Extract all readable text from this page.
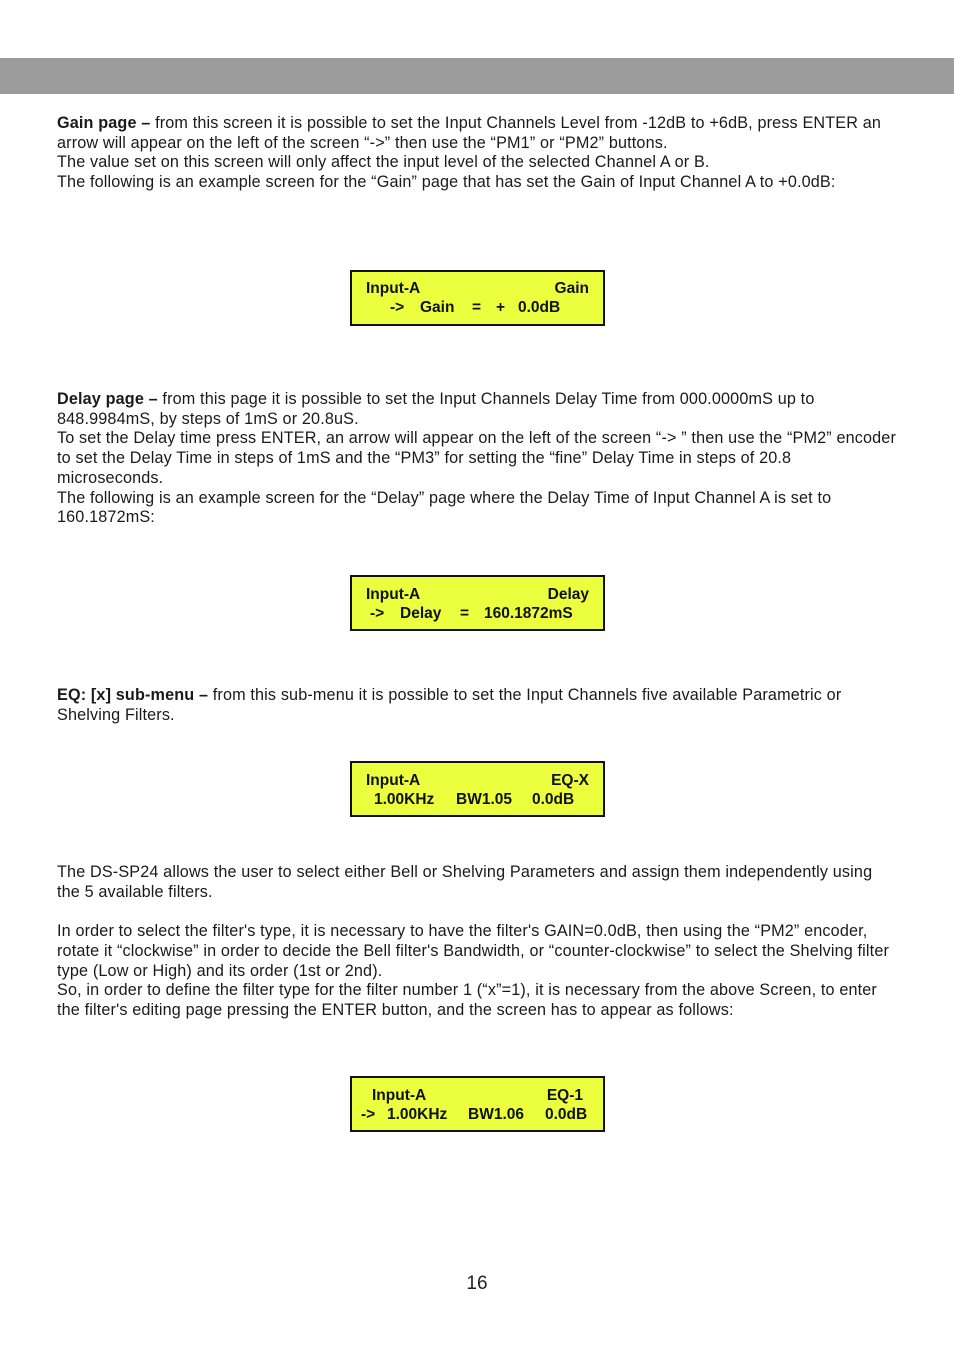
Gain page – from this screen it is possible to set the Input Channels Level from -12dB to +6dB, press ENTER an arrow will appear on the left of the screen “->” then use the “PM1” or “PM2” buttons.

The value set on this screen will only affect the input level of the selected Channel A or B.

The following is an example screen for the “Gain” page that has set the Gain of Input Channel A to +0.0dB:

Input-A	Gain
-> Gain = +   0.0dB

Delay page – from this page it is possible to set the Input Channels Delay Time from 000.0000mS up to 848.9984mS, by steps of 1mS or 20.8uS.

To set the Delay time press ENTER, an arrow will appear on the left of the screen “-> ” then use the “PM2” encoder to set the Delay Time in steps of 1mS and the “PM3” for setting the “fine” Delay Time in steps of 20.8 microseconds.

The following is an example screen for the “Delay” page where the Delay Time of Input Channel A is set to 160.1872mS:

Input-A	Delay
-> Delay = 160.1872mS

EQ: [x] sub-menu – from this sub-menu it is possible to set the Input Channels five available Parametric or Shelving Filters.

Input-A	EQ-X
1.00KHz BW1.05 0.0dB

The DS-SP24 allows the user to select either Bell or Shelving Parameters and assign them independently using the 5 available filters.

In order to select the filter's type, it is necessary to have the filter's GAIN=0.0dB, then using the “PM2” encoder, rotate it “clockwise” in order to decide the Bell filter's Bandwidth, or “counter-clockwise” to select the Shelving filter type (Low or High) and its order (1st or 2nd).

So, in order to define the filter type for the filter number 1 (“x”=1), it is necessary from the above Screen, to enter the filter's editing page pressing the ENTER button, and the screen has to appear as follows:

Input-A	EQ-1
-> 1.00KHz BW1.06 0.0dB
16
